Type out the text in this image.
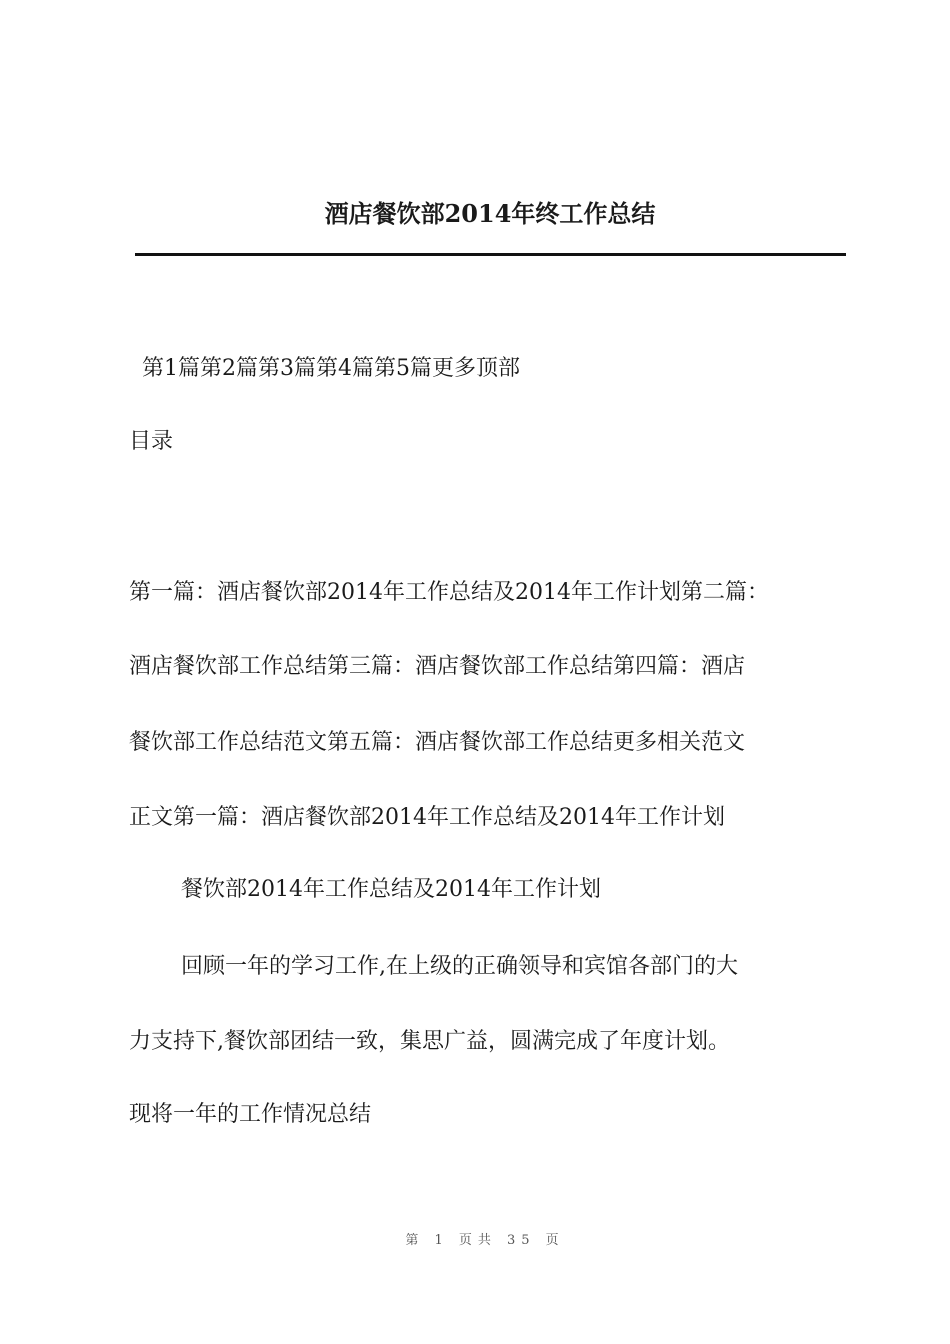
酒店餐饮部2014年终工作总结
第1篇第2篇第3篇第4篇第5篇更多顶部
目录
第一篇：酒店餐饮部2014年工作总结及2014年工作计划第二篇：
酒店餐饮部工作总结第三篇：酒店餐饮部工作总结第四篇：酒店
餐饮部工作总结范文第五篇：酒店餐饮部工作总结更多相关范文
正文第一篇：酒店餐饮部2014年工作总结及2014年工作计划
餐饮部2014年工作总结及2014年工作计划
回顾一年的学习工作,在上级的正确领导和宾馆各部门的大
力支持下,餐饮部团结一致，集思广益，圆满完成了年度计划。
现将一年的工作情况总结
第 1 页共 35 页
